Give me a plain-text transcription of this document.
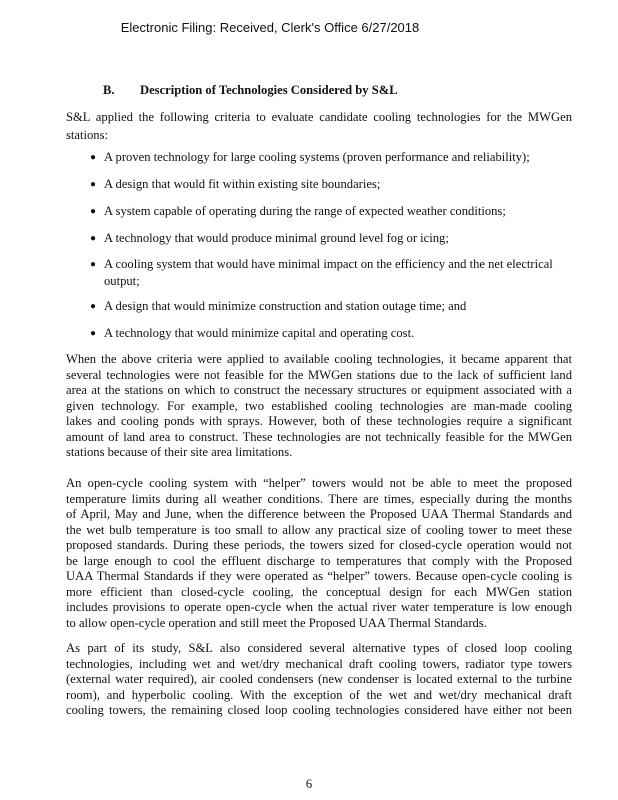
Electronic Filing: Received, Clerk's Office 6/27/2018
B. Description of Technologies Considered by S&L
S&L applied the following criteria to evaluate candidate cooling technologies for the MWGen
stations:
● A proven technology for large cooling systems (proven performance and reliability);
● A design that would fit within existing site boundaries;
● A system capable of operating during the range of expected weather conditions;
● A technology that would produce minimal ground level fog or icing;
● A cooling system that would have minimal impact on the efficiency and the net electrical
output;
● A design that would minimize construction and station outage time; and
● A technology that would minimize capital and operating cost.
When the above criteria were applied to available cooling technologies, it became apparent that
several technologies were not feasible for the MWGen stations due to the lack of sufficient land
area at the stations on which to construct the necessary structures or equipment associated with a
given technology. For example, two established cooling technologies are man-made cooling
lakes and cooling ponds with sprays. However, both of these technologies require a significant
amount of land area to construct. These technologies are not technically feasible for the MWGen
stations because of their site area limitations.
An open-cycle cooling system with “helper” towers would not be able to meet the proposed
temperature limits during all weather conditions. There are times, especially during the months
of April, May and June, when the difference between the Proposed UAA Thermal Standards and
the wet bulb temperature is too small to allow any practical size of cooling tower to meet these
proposed standards. During these periods, the towers sized for closed-cycle operation would not
be large enough to cool the effluent discharge to temperatures that comply with the Proposed
UAA Thermal Standards if they were operated as “helper” towers. Because open-cycle cooling is
more efficient than closed-cycle cooling, the conceptual design for each MWGen station
includes provisions to operate open-cycle when the actual river water temperature is low enough
to allow open-cycle operation and still meet the Proposed UAA Thermal Standards.
As part of its study, S&L also considered several alternative types of closed loop cooling
technologies, including wet and wet/dry mechanical draft cooling towers, radiator type towers
(external water required), air cooled condensers (new condenser is located external to the turbine
room), and hyperbolic cooling. With the exception of the wet and wet/dry mechanical draft
cooling towers, the remaining closed loop cooling technologies considered have either not been
6
